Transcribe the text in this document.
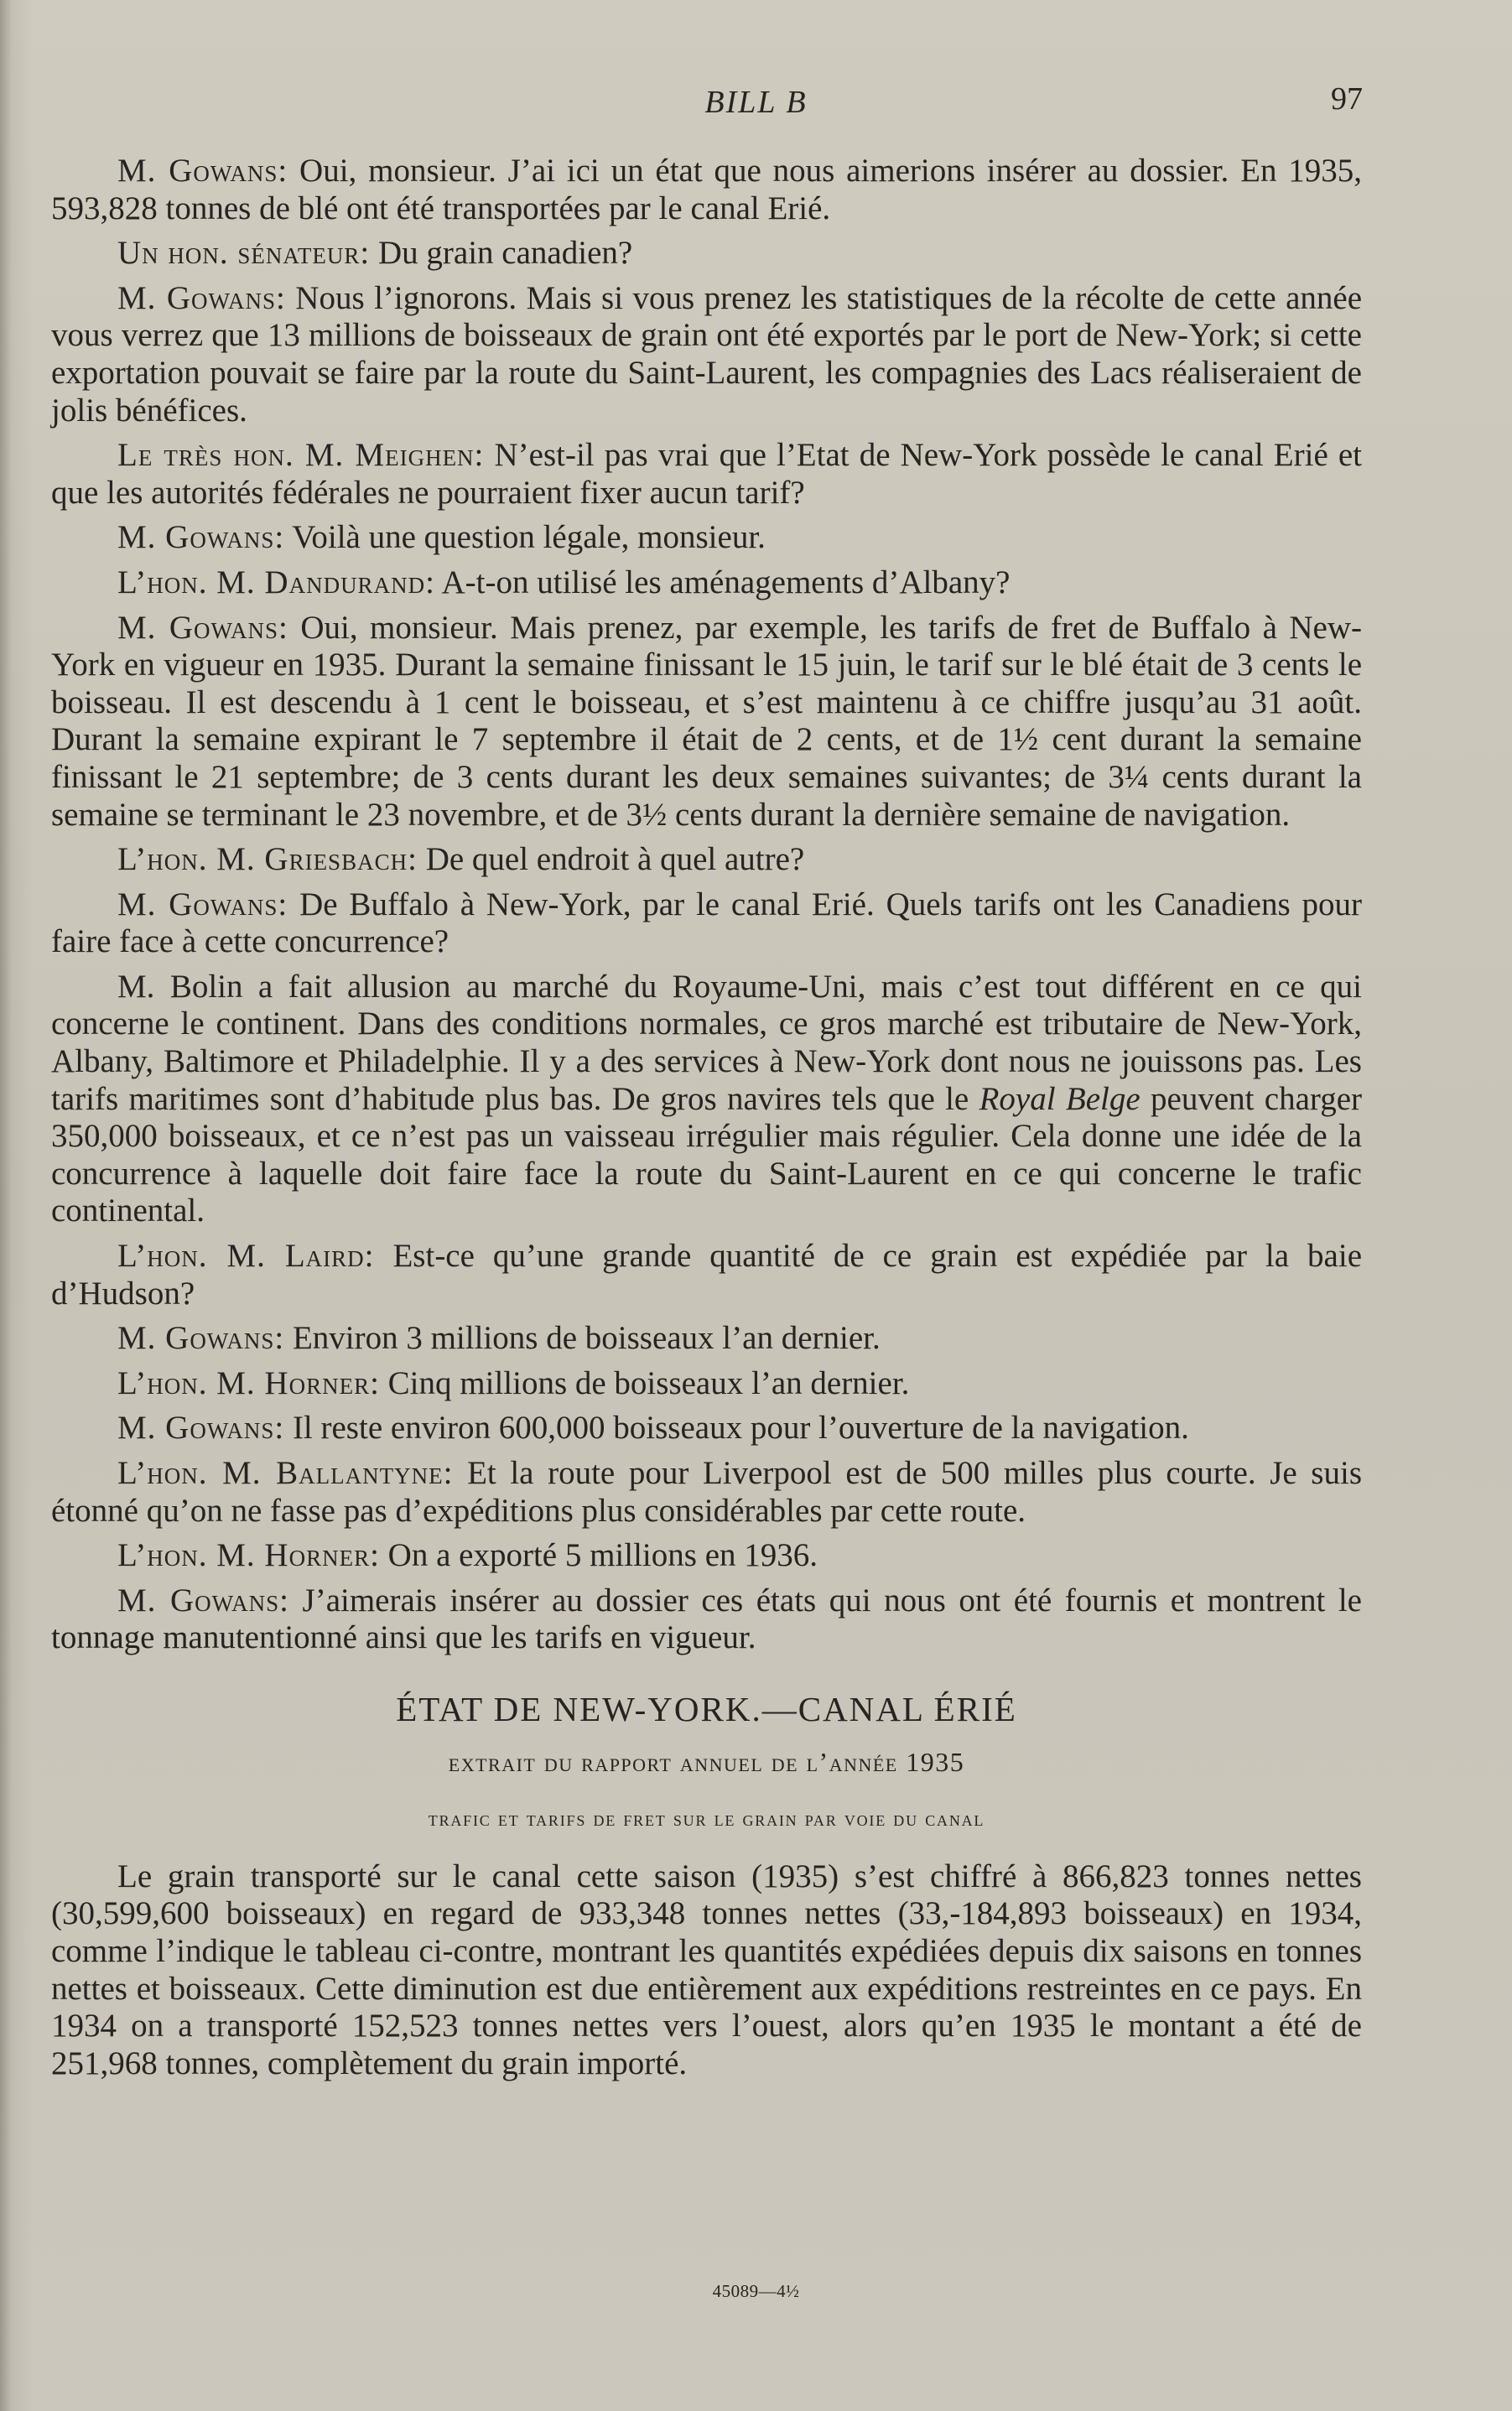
BILL B	97

M. Gowans: Oui, monsieur. J’ai ici un état que nous aimerions insérer au dossier. En 1935, 593,828 tonnes de blé ont été transportées par le canal Erié.

Un hon. sénateur: Du grain canadien?

M. Gowans: Nous l’ignorons. Mais si vous prenez les statistiques de la récolte de cette année vous verrez que 13 millions de boisseaux de grain ont été exportés par le port de New-York; si cette exportation pouvait se faire par la route du Saint-Laurent, les compagnies des Lacs réaliseraient de jolis bénéfices.

Le très hon. M. Meighen: N’est-il pas vrai que l’Etat de New-York possède le canal Erié et que les autorités fédérales ne pourraient fixer aucun tarif?

M. Gowans: Voilà une question légale, monsieur.

L’hon. M. Dandurand: A-t-on utilisé les aménagements d’Albany?

M. Gowans: Oui, monsieur. Mais prenez, par exemple, les tarifs de fret de Buffalo à New-York en vigueur en 1935. Durant la semaine finissant le 15 juin, le tarif sur le blé était de 3 cents le boisseau. Il est descendu à 1 cent le boisseau, et s’est maintenu à ce chiffre jusqu’au 31 août. Durant la semaine expirant le 7 septembre il était de 2 cents, et de 1½ cent durant la semaine finissant le 21 septembre; de 3 cents durant les deux semaines suivantes; de 3¼ cents durant la semaine se terminant le 23 novembre, et de 3½ cents durant la dernière semaine de navigation.

L’hon. M. Griesbach: De quel endroit à quel autre?

M. Gowans: De Buffalo à New-York, par le canal Erié. Quels tarifs ont les Canadiens pour faire face à cette concurrence?

M. Bolin a fait allusion au marché du Royaume-Uni, mais c’est tout différent en ce qui concerne le continent. Dans des conditions normales, ce gros marché est tributaire de New-York, Albany, Baltimore et Philadelphie. Il y a des services à New-York dont nous ne jouissons pas. Les tarifs maritimes sont d’habitude plus bas. De gros navires tels que le Royal Belge peuvent charger 350,000 boisseaux, et ce n’est pas un vaisseau irrégulier mais régulier. Cela donne une idée de la concurrence à laquelle doit faire face la route du Saint-Laurent en ce qui concerne le trafic continental.

L’hon. M. Laird: Est-ce qu’une grande quantité de ce grain est expédiée par la baie d’Hudson?

M. Gowans: Environ 3 millions de boisseaux l’an dernier.

L’hon. M. Horner: Cinq millions de boisseaux l’an dernier.

M. Gowans: Il reste environ 600,000 boisseaux pour l’ouverture de la navigation.

L’hon. M. Ballantyne: Et la route pour Liverpool est de 500 milles plus courte. Je suis étonné qu’on ne fasse pas d’expéditions plus considérables par cette route.

L’hon. M. Horner: On a exporté 5 millions en 1936.

M. Gowans: J’aimerais insérer au dossier ces états qui nous ont été fournis et montrent le tonnage manutentionné ainsi que les tarifs en vigueur.

ÉTAT DE NEW-YORK.—CANAL ÉRIÉ
extrait du rapport annuel de l’année 1935
trafic et tarifs de fret sur le grain par voie du canal

Le grain transporté sur le canal cette saison (1935) s’est chiffré à 866,823 tonnes nettes (30,599,600 boisseaux) en regard de 933,348 tonnes nettes (33,-184,893 boisseaux) en 1934, comme l’indique le tableau ci-contre, montrant les quantités expédiées depuis dix saisons en tonnes nettes et boisseaux. Cette diminution est due entièrement aux expéditions restreintes en ce pays. En 1934 on a transporté 152,523 tonnes nettes vers l’ouest, alors qu’en 1935 le montant a été de 251,968 tonnes, complètement du grain importé.

45089—4½
